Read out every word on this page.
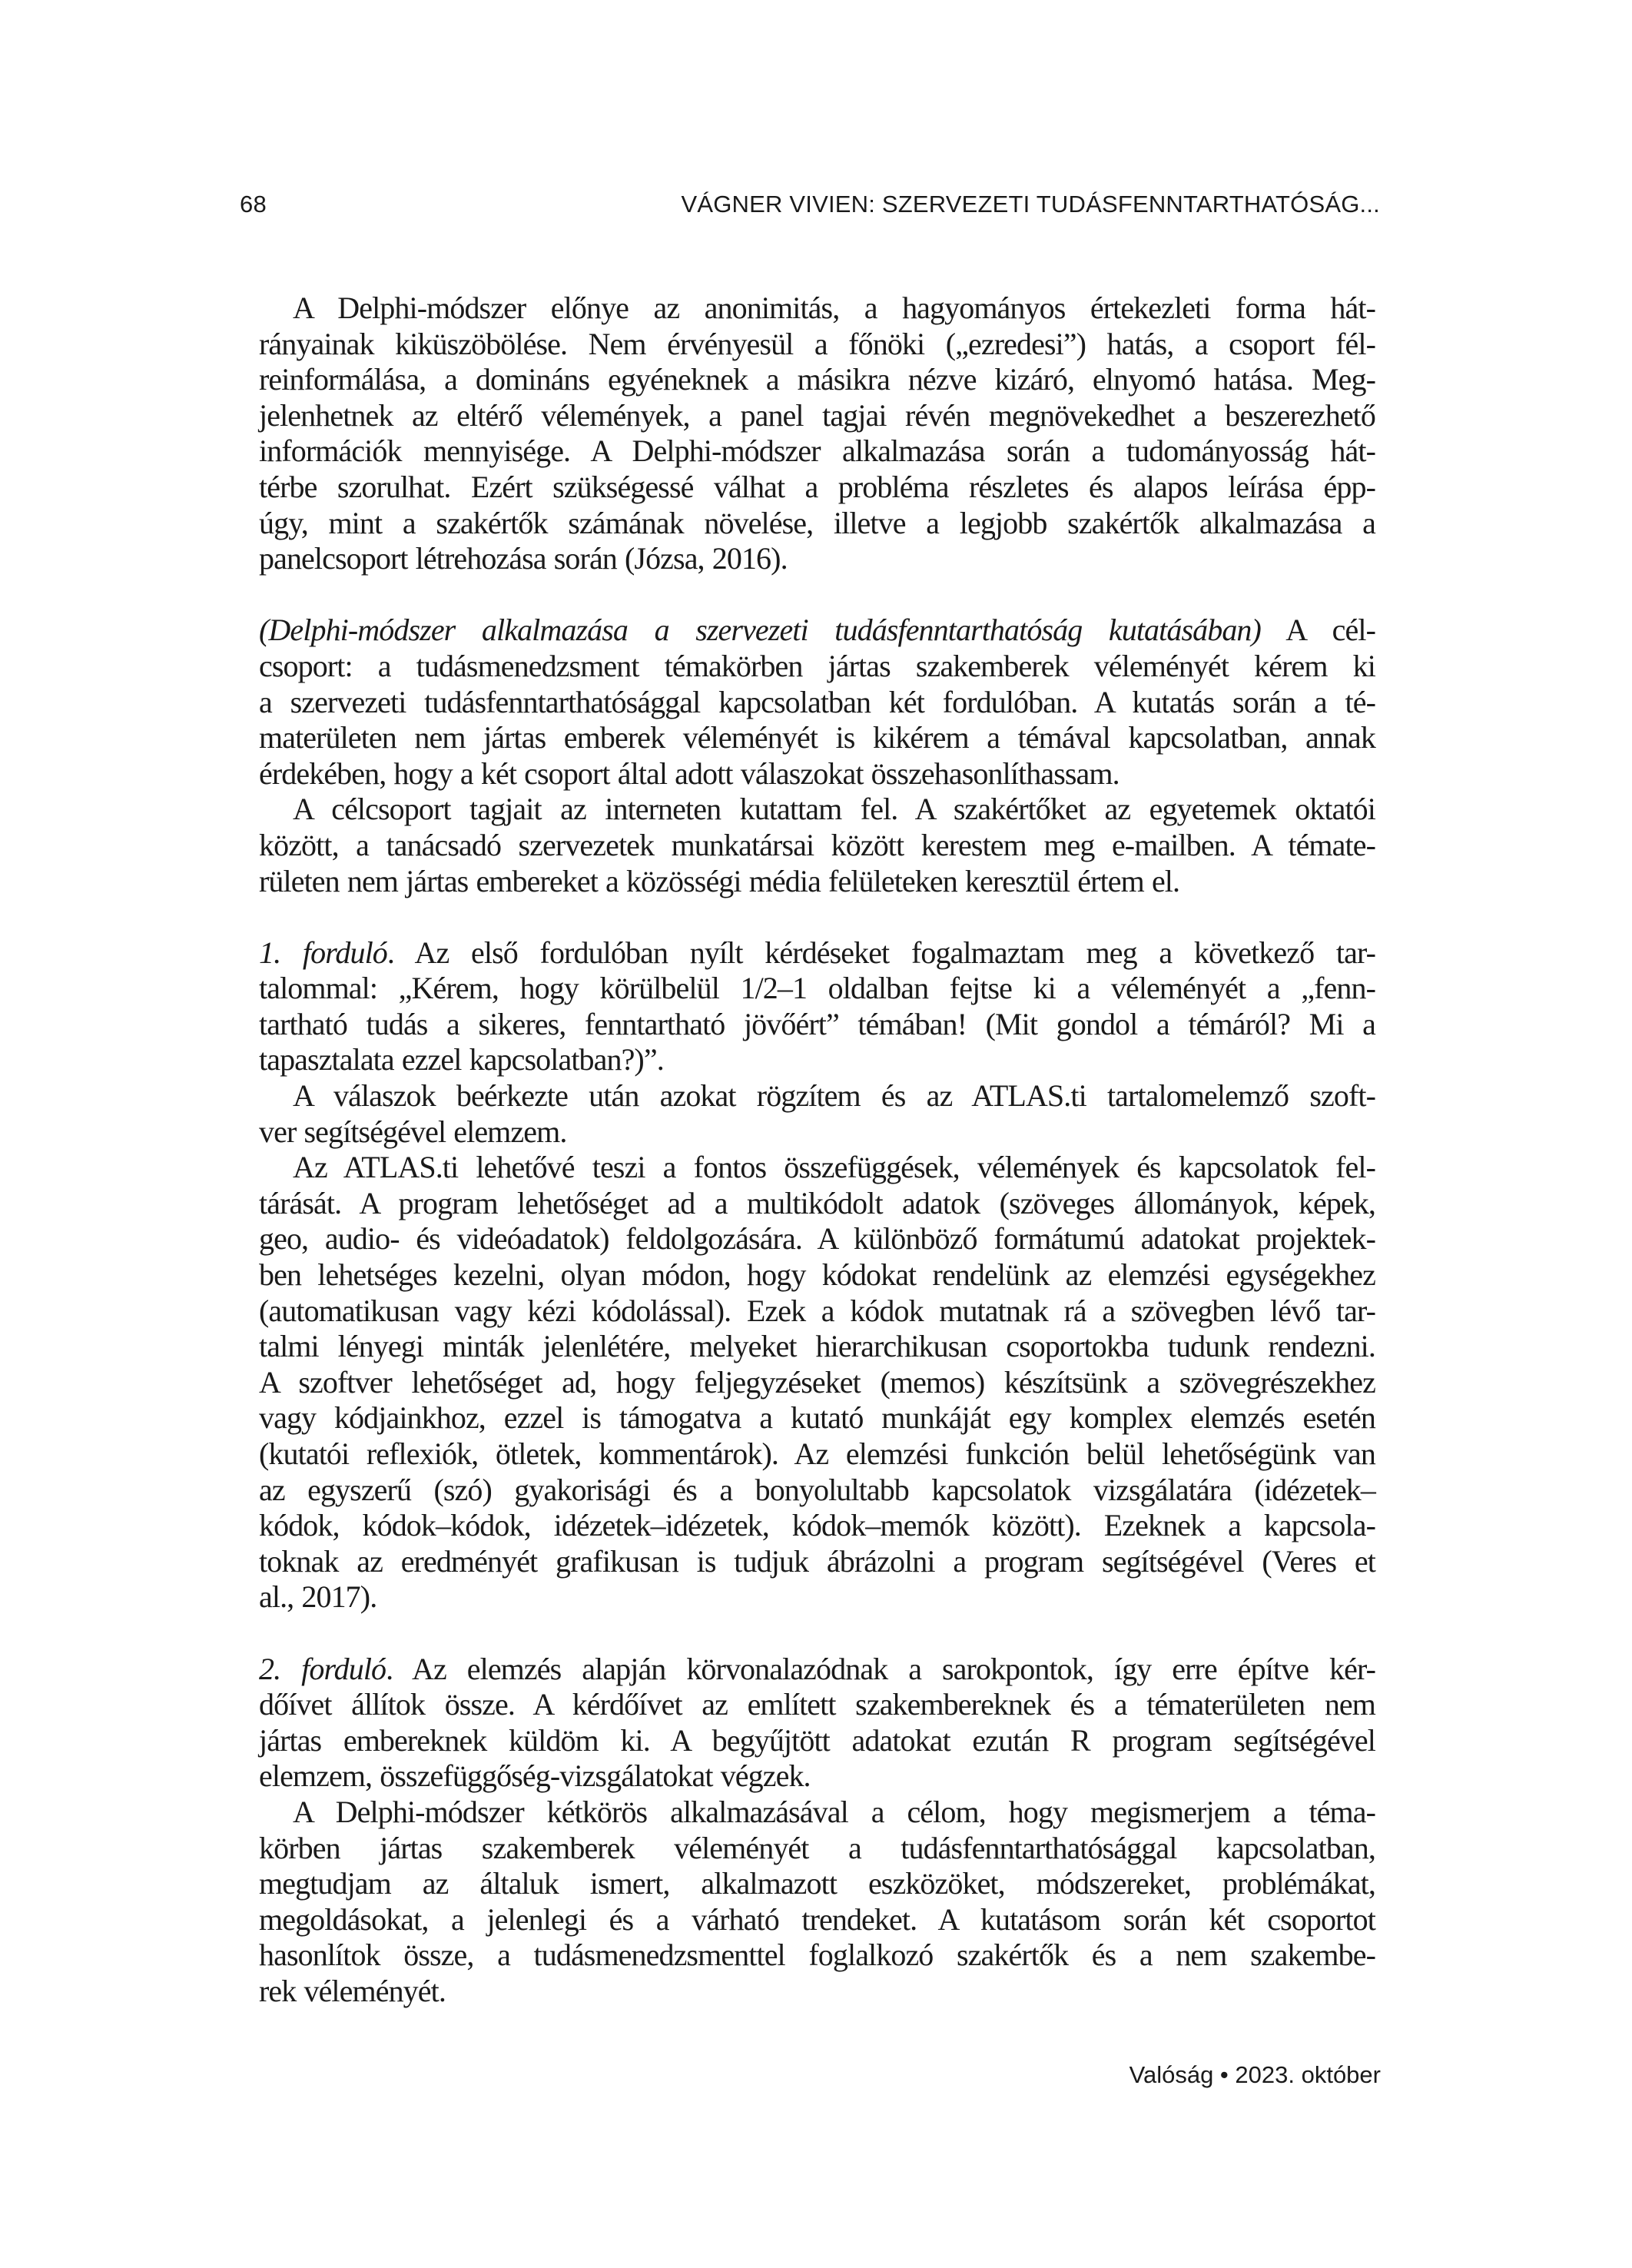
68	VÁGNER VIVIEN: SZERVEZETI TUDÁSFENNTARTHATÓSÁG...
A Delphi-módszer előnye az anonimitás, a hagyományos értekezleti forma hát-
rányainak kiküszöbölése. Nem érvényesül a főnöki („ezredesi”) hatás, a csoport fél-
reinformálása, a domináns egyéneknek a másikra nézve kizáró, elnyomó hatása. Meg-
jelenhetnek az eltérő vélemények, a panel tagjai révén megnövekedhet a beszerezhető
információk mennyisége. A Delphi-módszer alkalmazása során a tudományosság hát-
térbe szorulhat. Ezért szükségessé válhat a probléma részletes és alapos leírása épp-
úgy, mint a szakértők számának növelése, illetve a legjobb szakértők alkalmazása a
panelcsoport létrehozása során (Józsa, 2016).
(Delphi-módszer alkalmazása a szervezeti tudásfenntarthatóság kutatásában) A cél-
csoport: a tudásmenedzsment témakörben jártas szakemberek véleményét kérem ki
a szervezeti tudásfenntarthatósággal kapcsolatban két fordulóban. A kutatás során a té-
materületen nem jártas emberek véleményét is kikérem a témával kapcsolatban, annak
érdekében, hogy a két csoport által adott válaszokat összehasonlíthassam.
A célcsoport tagjait az interneten kutattam fel. A szakértőket az egyetemek oktatói
között, a tanácsadó szervezetek munkatársai között kerestem meg e-mailben. A témate-
rületen nem jártas embereket a közösségi média felületeken keresztül értem el.
1. forduló. Az első fordulóban nyílt kérdéseket fogalmaztam meg a következő tar-
talommal: „Kérem, hogy körülbelül 1/2–1 oldalban fejtse ki a véleményét a „fenn-
tartható tudás a sikeres, fenntartható jövőért” témában! (Mit gondol a témáról? Mi a
tapasztalata ezzel kapcsolatban?)”.
A válaszok beérkezte után azokat rögzítem és az ATLAS.ti tartalomelemző szoft-
ver segítségével elemzem.
Az ATLAS.ti lehetővé teszi a fontos összefüggések, vélemények és kapcsolatok fel-
tárását. A program lehetőséget ad a multikódolt adatok (szöveges állományok, képek,
geo, audio- és videóadatok) feldolgozására. A különböző formátumú adatokat projektek-
ben lehetséges kezelni, olyan módon, hogy kódokat rendelünk az elemzési egységekhez
(automatikusan vagy kézi kódolással). Ezek a kódok mutatnak rá a szövegben lévő tar-
talmi lényegi minták jelenlétére, melyeket hierarchikusan csoportokba tudunk rendezni.
A szoftver lehetőséget ad, hogy feljegyzéseket (memos) készítsünk a szövegrészekhez
vagy kódjainkhoz, ezzel is támogatva a kutató munkáját egy komplex elemzés esetén
(kutatói reflexiók, ötletek, kommentárok). Az elemzési funkción belül lehetőségünk van
az egyszerű (szó) gyakorisági és a bonyolultabb kapcsolatok vizsgálatára (idézetek–
kódok, kódok–kódok, idézetek–idézetek, kódok–memók között). Ezeknek a kapcsola-
toknak az eredményét grafikusan is tudjuk ábrázolni a program segítségével (Veres et
al., 2017).
2. forduló. Az elemzés alapján körvonalazódnak a sarokpontok, így erre építve kér-
dőívet állítok össze. A kérdőívet az említett szakembereknek és a tématerületen nem
jártas embereknek küldöm ki. A begyűjtött adatokat ezután R program segítségével
elemzem, összefüggőség-vizsgálatokat végzek.
A Delphi-módszer kétkörös alkalmazásával a célom, hogy megismerjem a téma-
körben jártas szakemberek véleményét a tudásfenntarthatósággal kapcsolatban,
megtudjam az általuk ismert, alkalmazott eszközöket, módszereket, problémákat,
megoldásokat, a jelenlegi és a várható trendeket. A kutatásom során két csoportot
hasonlítok össze, a tudásmenedzsmenttel foglalkozó szakértők és a nem szakembe-
rek véleményét.
Valóság • 2023. október
